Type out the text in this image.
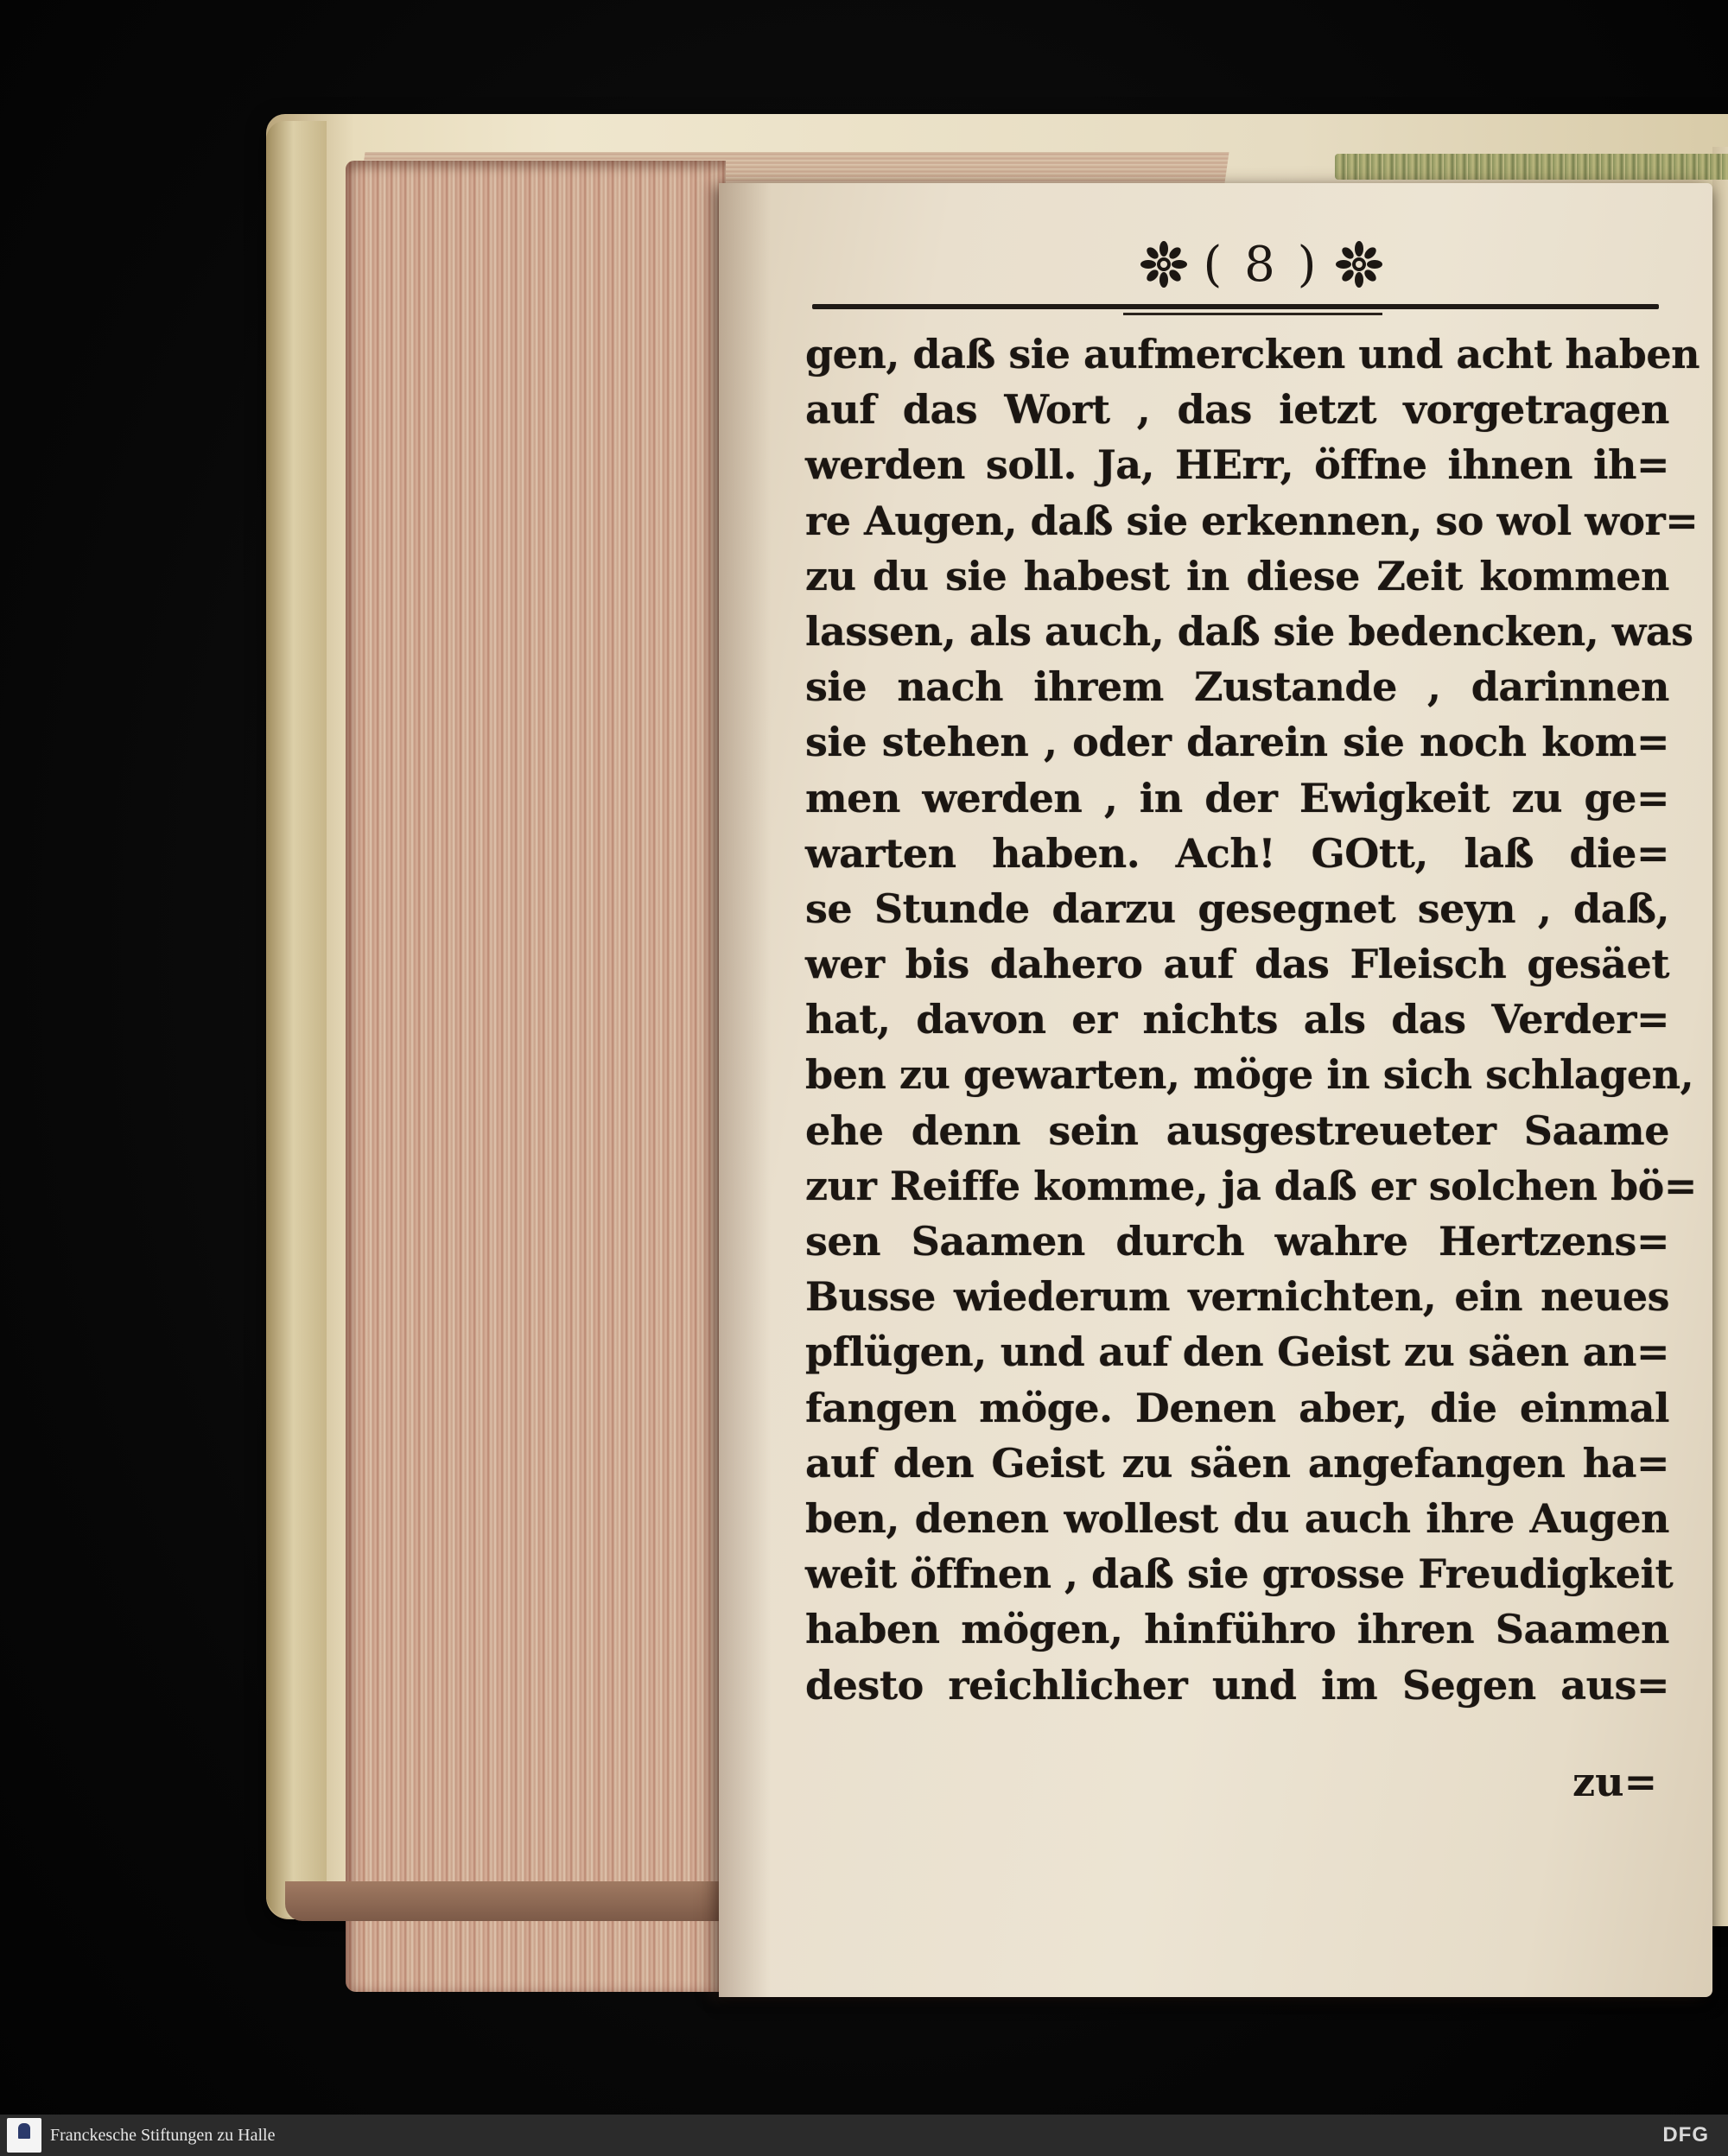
( 8 )
gen, daß sie aufmercken und acht haben
auf das Wort , das ietzt vorgetragen
werden soll. Ja, HErr, öffne ihnen ih=
re Augen, daß sie erkennen, so wol wor=
zu du sie habest in diese Zeit kommen
lassen, als auch, daß sie bedencken, was
sie nach ihrem Zustande , darinnen
sie stehen , oder darein sie noch kom=
men werden , in der Ewigkeit zu ge=
warten haben. Ach! GOtt, laß die=
se Stunde darzu gesegnet seyn , daß,
wer bis dahero auf das Fleisch gesäet
hat, davon er nichts als das Verder=
ben zu gewarten, möge in sich schlagen,
ehe denn sein ausgestreueter Saame
zur Reiffe komme, ja daß er solchen bö=
sen Saamen durch wahre Hertzens=
Busse wiederum vernichten, ein neues
pflügen, und auf den Geist zu säen an=
fangen möge. Denen aber, die einmal
auf den Geist zu säen angefangen ha=
ben, denen wollest du auch ihre Augen
weit öffnen , daß sie grosse Freudigkeit
haben mögen, hinführo ihren Saamen
desto reichlicher und im Segen aus=
zu=
Franckesche Stiftungen zu Halle	DFG
